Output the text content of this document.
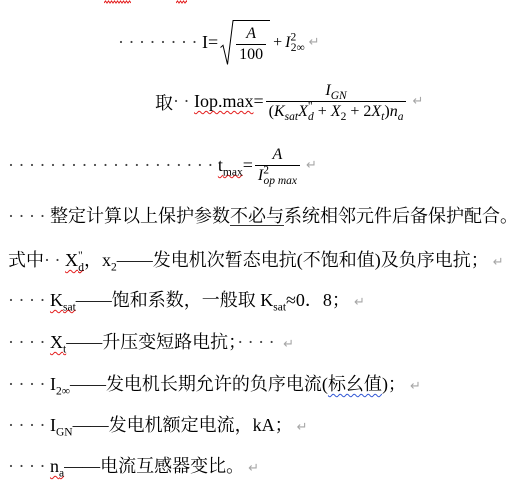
········ $I= \frac{A}{100} + I^2_{2\infty}$ ↵
取 ·· $Iop.\max = \frac{I_{GN}}{(K_{sat}X^"_d + X_2 + 2X_t)n_a}$ ↵
···················· $t_{max} = \frac{A}{I^2_{op max}}$ ↵
····整定计算以上保护参数不必与系统相邻元件后备保护配合。
式中$\cdot\cdot X^"_d$，$x_2——$发电机次暂态电抗(不饱和值)及负序电抗； ↵
$\cdot\cdot\cdot\cdot K_{sat}——$饱和系数，一般取 $K_{sat}\approx 0$．8； ↵
$\cdot\cdot\cdot\cdot X_t——$升压变短路电抗；···· ↵
$\cdot\cdot\cdot\cdot I_{2\infty}——$发电机长期允许的负序电流(标幺值)； ↵
$\cdot\cdot\cdot\cdot I_{GN}——$发电机额定电流，kA； ↵
$\cdot\cdot\cdot\cdot n_a——$电流互感器变比。 ↵
